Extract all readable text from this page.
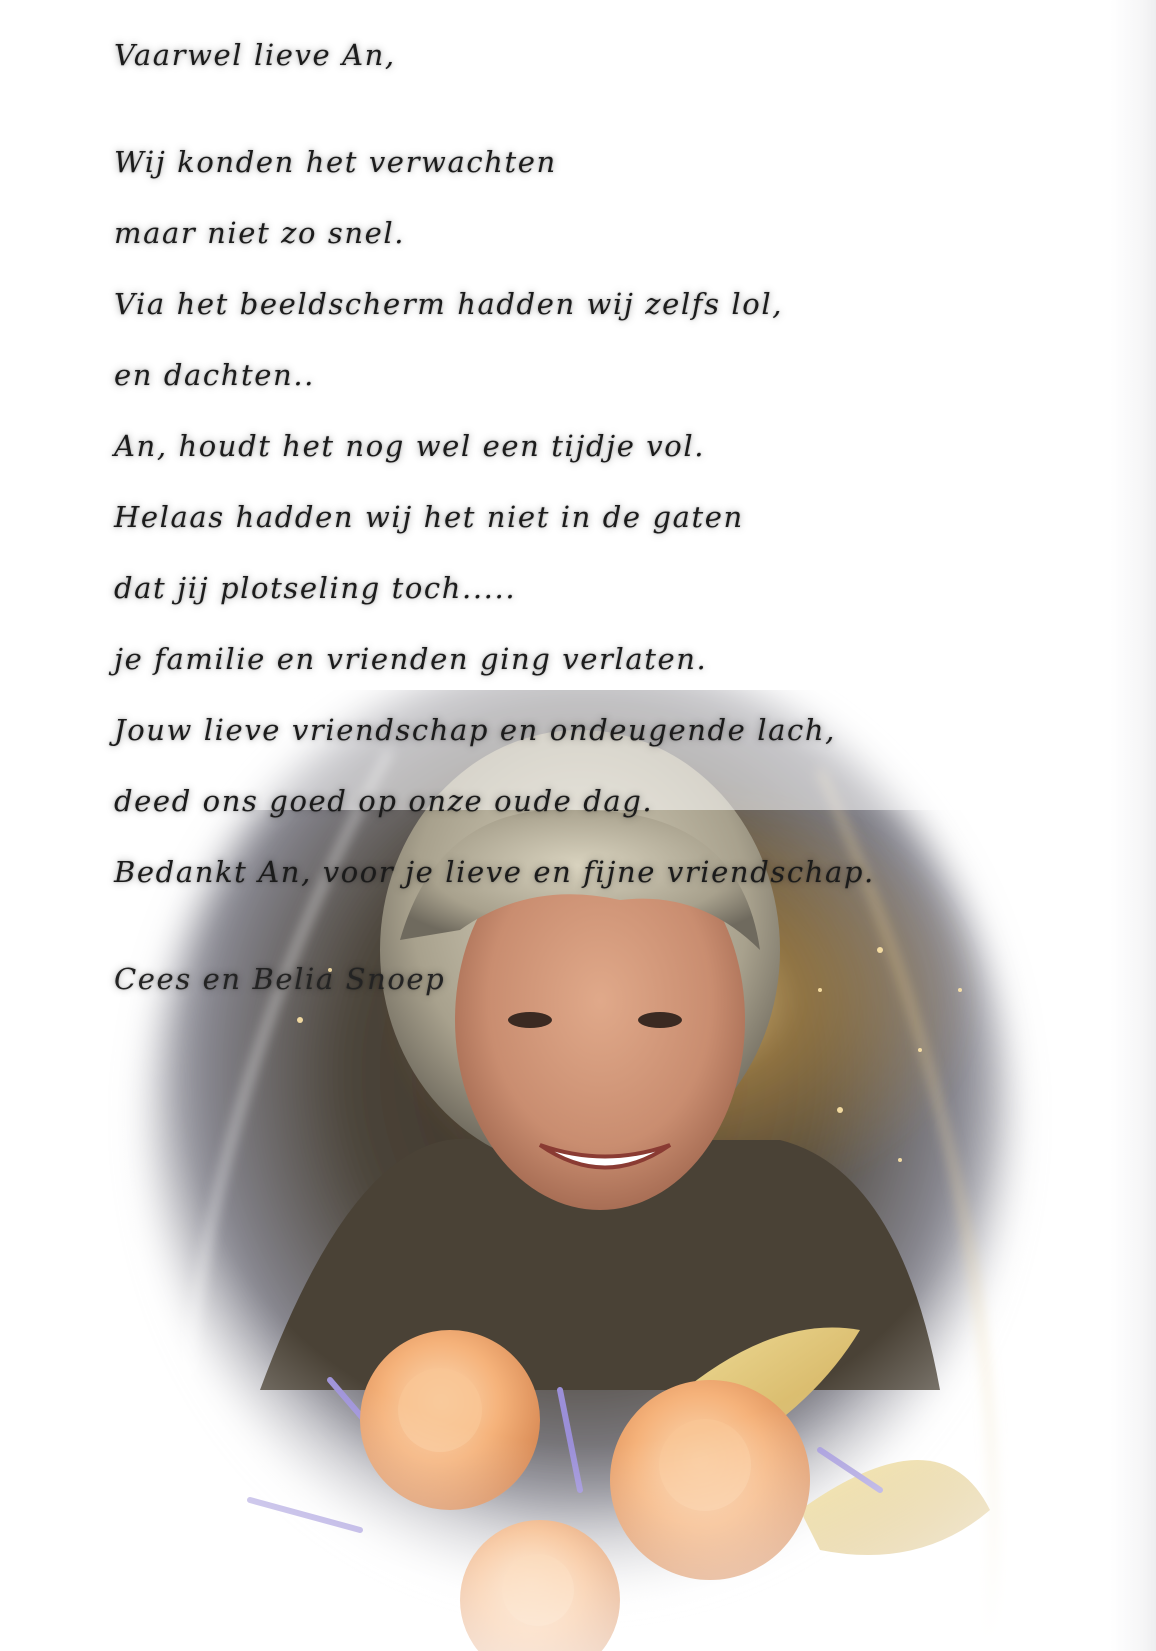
Vaarwel lieve An,
Wij konden het verwachten
maar niet zo snel.
Via het beeldscherm hadden wij zelfs lol,
en dachten..
An, houdt het nog wel een tijdje vol.
Helaas hadden wij het niet in de gaten
dat jij plotseling toch.....
je familie en vrienden ging verlaten.
Jouw lieve vriendschap en ondeugende lach,
deed ons goed op onze oude dag.
Bedankt An, voor je lieve en fijne vriendschap.
Cees en Belia Snoep
